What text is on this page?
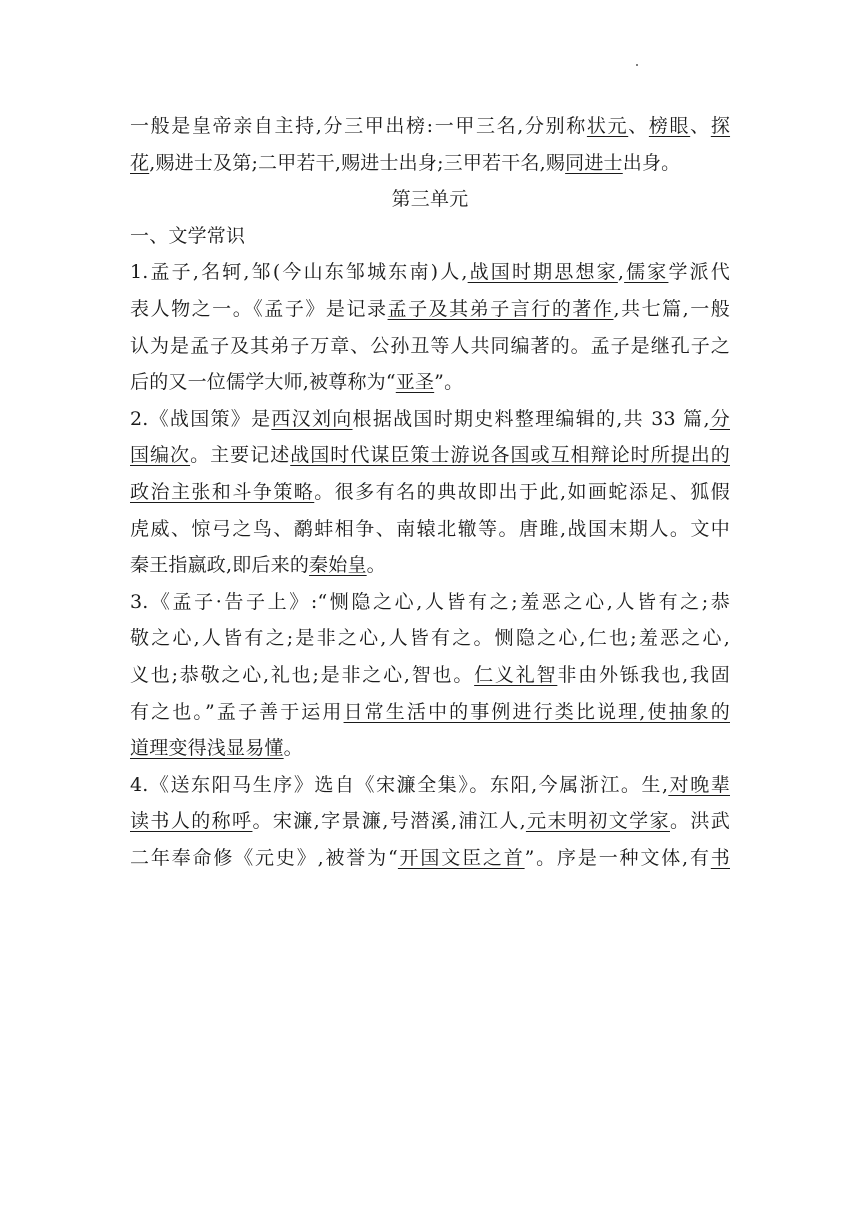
一般是皇帝亲自主持,分三甲出榜:一甲三名,分别称状元、榜眼、探
花,赐进士及第;二甲若干,赐进士出身;三甲若干名,赐同进士出身。
第三单元
一、文学常识
1.孟子,名轲,邹(今山东邹城东南)人,战国时期思想家,儒家学派代
表人物之一。《孟子》是记录孟子及其弟子言行的著作,共七篇,一般
认为是孟子及其弟子万章、公孙丑等人共同编著的。孟子是继孔子之
后的又一位儒学大师,被尊称为“亚圣”。
2.《战国策》是西汉刘向根据战国时期史料整理编辑的,共 33 篇,分
国编次。主要记述战国时代谋臣策士游说各国或互相辩论时所提出的
政治主张和斗争策略。很多有名的典故即出于此,如画蛇添足、狐假
虎威、惊弓之鸟、鹬蚌相争、南辕北辙等。唐雎,战国末期人。文中
秦王指嬴政,即后来的秦始皇。
3.《孟子·告子上》:“恻隐之心,人皆有之;羞恶之心,人皆有之;恭
敬之心,人皆有之;是非之心,人皆有之。恻隐之心,仁也;羞恶之心,
义也;恭敬之心,礼也;是非之心,智也。仁义礼智非由外铄我也,我固
有之也。”孟子善于运用日常生活中的事例进行类比说理,使抽象的
道理变得浅显易懂。
4.《送东阳马生序》选自《宋濂全集》。东阳,今属浙江。生,对晚辈
读书人的称呼。宋濂,字景濂,号潜溪,浦江人,元末明初文学家。洪武
二年奉命修《元史》,被誉为“开国文臣之首”。序是一种文体,有书
